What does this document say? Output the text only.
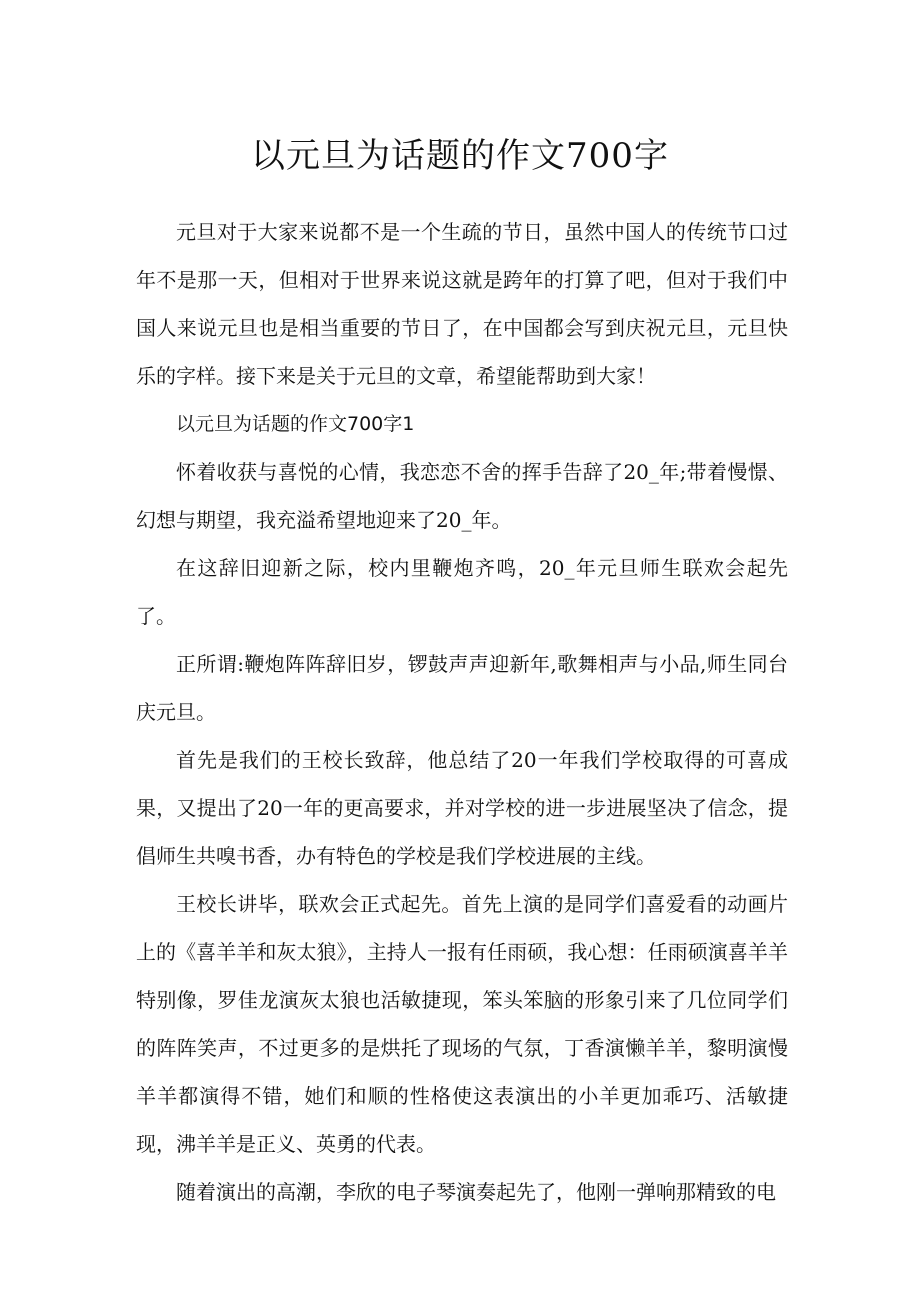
以元旦为话题的作文700字

元旦对于大家来说都不是一个生疏的节日，虽然中国人的传统节口过年不是那一天，但相对于世界来说这就是跨年的打算了吧，但对于我们中国人来说元旦也是相当重要的节日了，在中国都会写到庆祝元旦，元旦快乐的字样。接下来是关于元旦的文章，希望能帮助到大家！

以元旦为话题的作文700字1

怀着收获与喜悦的心情，我恋恋不舍的挥手告辞了20_年;带着慢憬、幻想与期望，我充溢希望地迎来了20_年。

在这辞旧迎新之际，校内里鞭炮齐鸣，20_年元旦师生联欢会起先了。

正所谓:鞭炮阵阵辞旧岁，锣鼓声声迎新年,歌舞相声与小品,师生同台庆元旦。

首先是我们的王校长致辞，他总结了20一年我们学校取得的可喜成果，又提出了20一年的更高要求，并对学校的进一步进展坚决了信念，提倡师生共嗅书香，办有特色的学校是我们学校进展的主线。

王校长讲毕，联欢会正式起先。首先上演的是同学们喜爱看的动画片上的《喜羊羊和灰太狼》，主持人一报有任雨硕，我心想：任雨硕演喜羊羊特别像，罗佳龙演灰太狼也活敏捷现，笨头笨脑的形象引来了几位同学们的阵阵笑声，不过更多的是烘托了现场的气氛，丁香演懒羊羊，黎明演慢羊羊都演得不错，她们和顺的性格使这表演出的小羊更加乖巧、活敏捷现，沸羊羊是正义、英勇的代表。

随着演出的高潮，李欣的电子琴演奏起先了，他刚一弹响那精致的电
